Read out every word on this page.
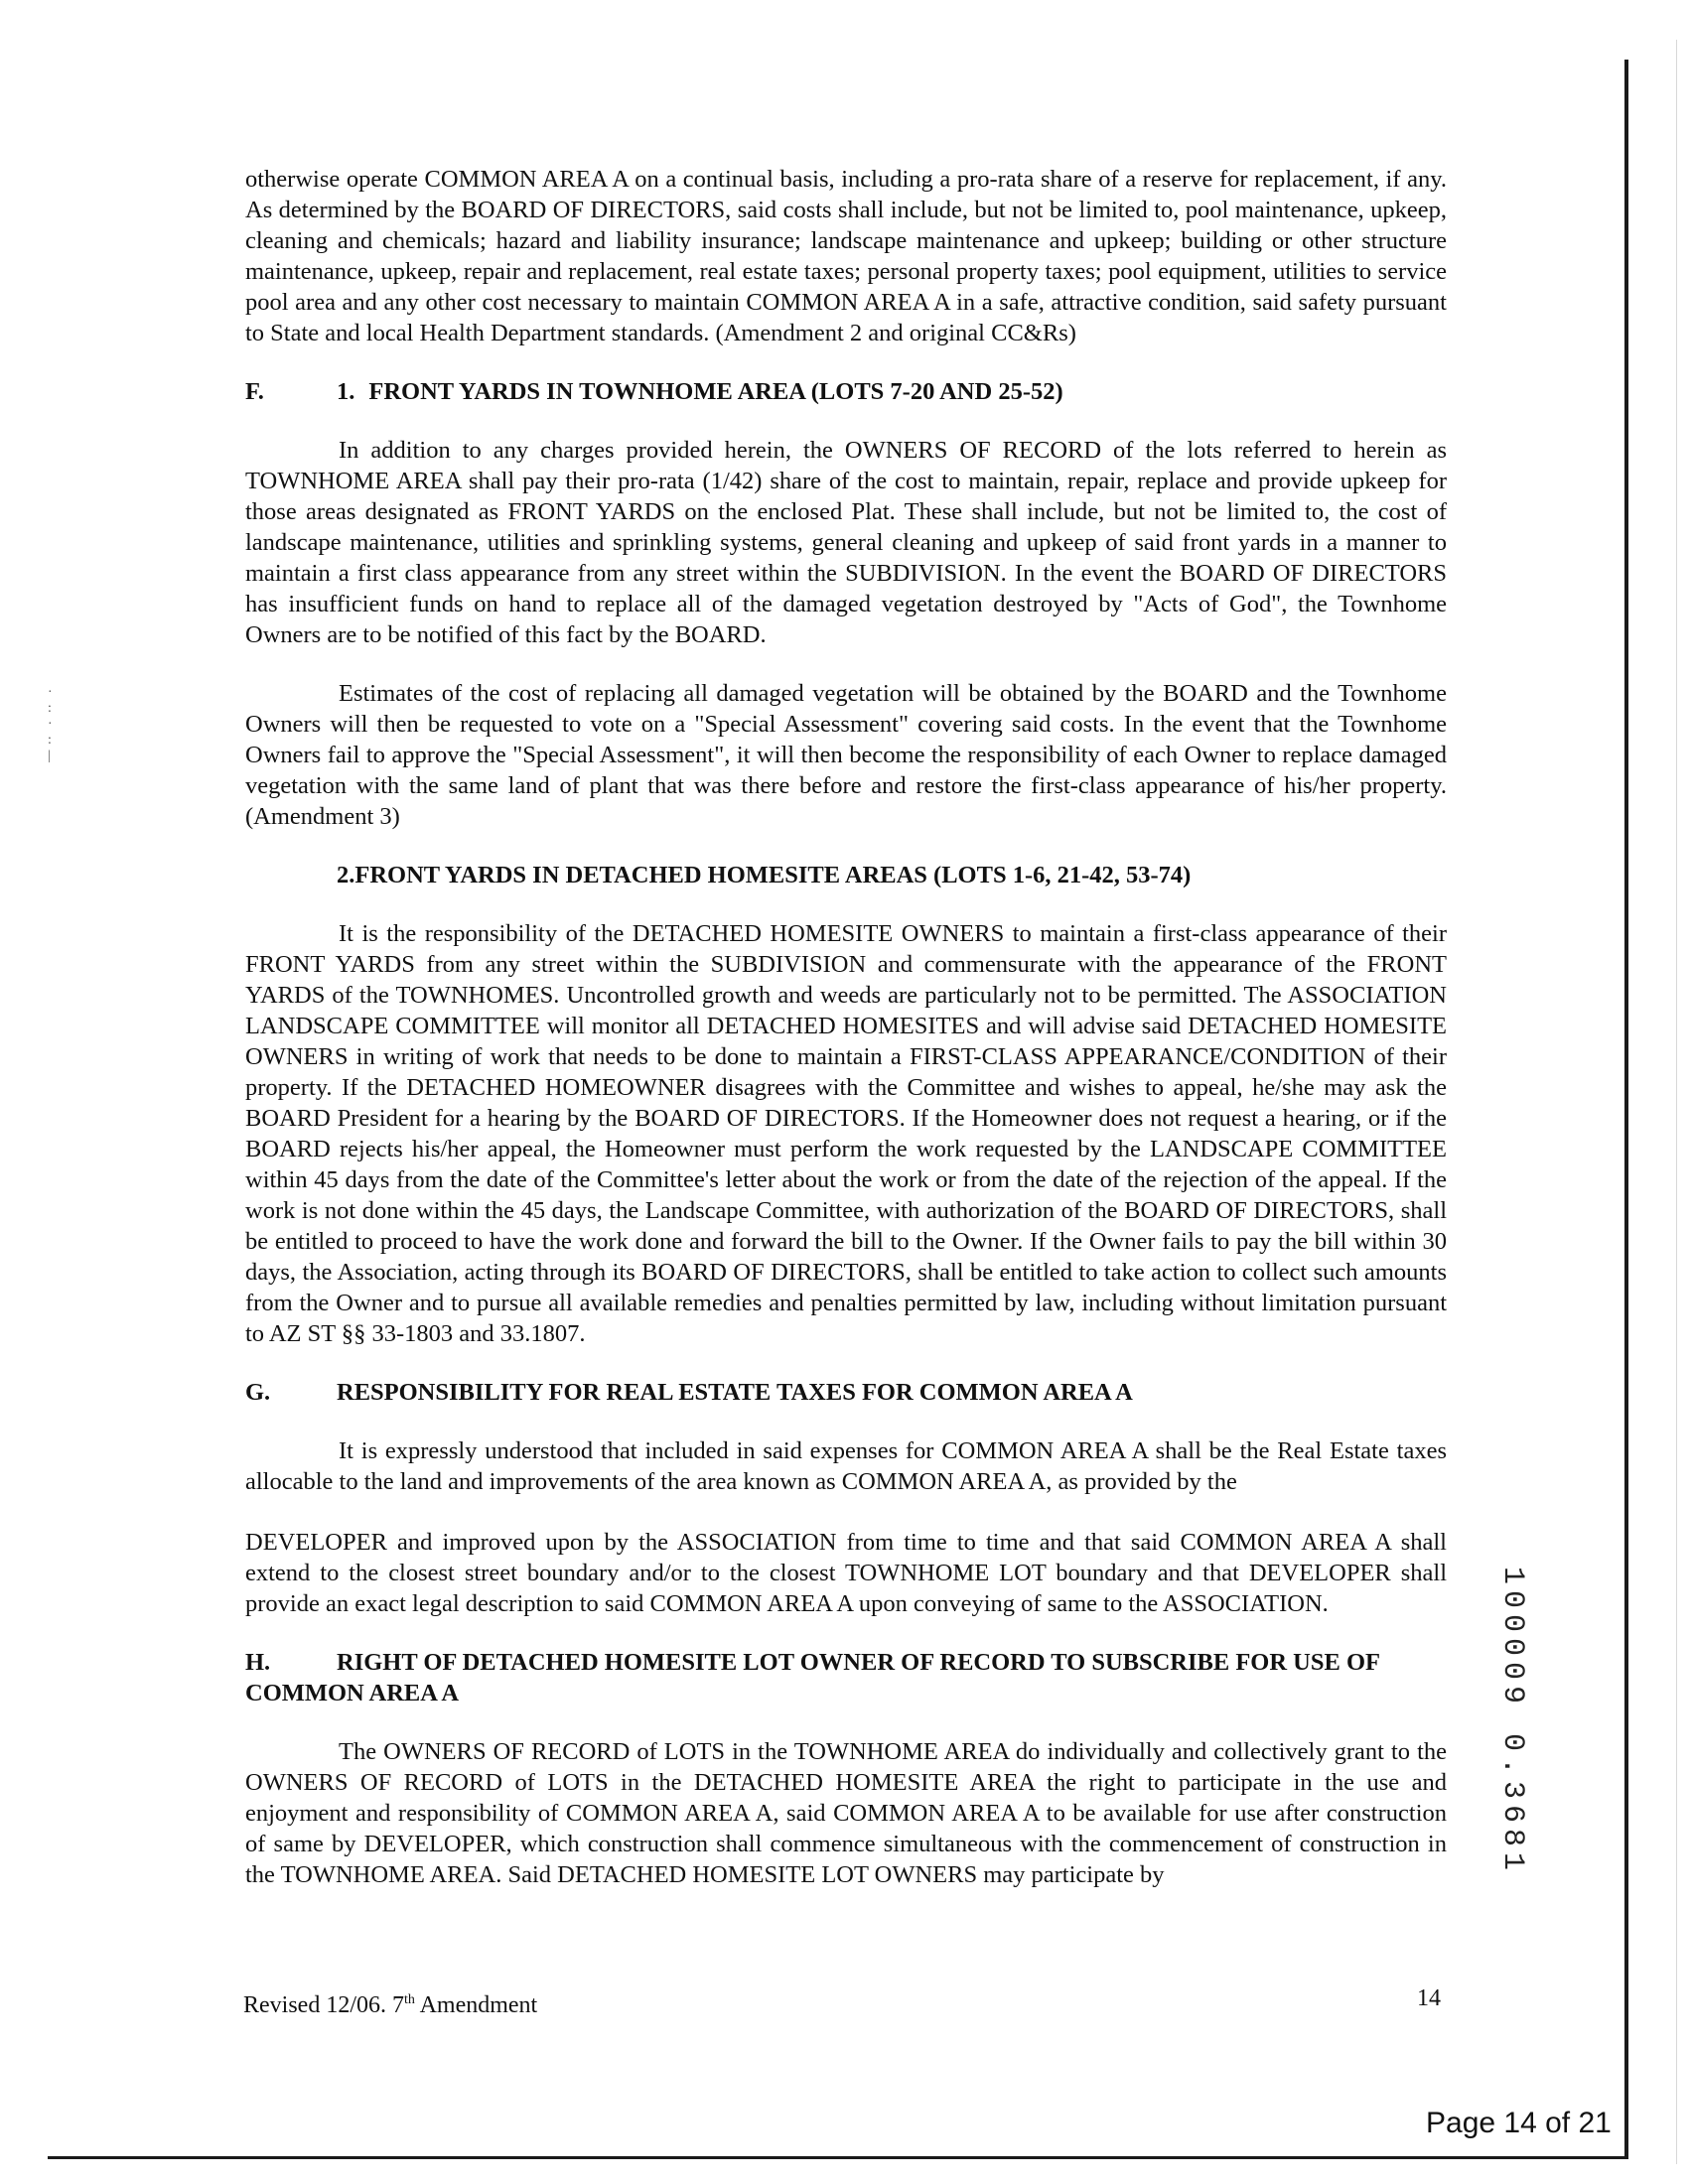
·
:
·
:
|

otherwise operate COMMON AREA A on a continual basis, including a pro-rata share of a reserve for replacement, if any. As determined by the BOARD OF DIRECTORS, said costs shall include, but not be limited to, pool maintenance, upkeep, cleaning and chemicals; hazard and liability insurance; landscape maintenance and upkeep; building or other structure maintenance, upkeep, repair and replacement, real estate taxes; personal property taxes; pool equipment, utilities to service pool area and any other cost necessary to maintain COMMON AREA A in a safe, attractive condition, said safety pursuant to State and local Health Department standards. (Amendment 2 and original CC&Rs)

F.	1. FRONT YARDS IN TOWNHOME AREA (LOTS 7-20 AND 25-52)

In addition to any charges provided herein, the OWNERS OF RECORD of the lots referred to herein as TOWNHOME AREA shall pay their pro-rata (1/42) share of the cost to maintain, repair, replace and provide upkeep for those areas designated as FRONT YARDS on the enclosed Plat. These shall include, but not be limited to, the cost of landscape maintenance, utilities and sprinkling systems, general cleaning and upkeep of said front yards in a manner to maintain a first class appearance from any street within the SUBDIVISION. In the event the BOARD OF DIRECTORS has insufficient funds on hand to replace all of the damaged vegetation destroyed by "Acts of God", the Townhome Owners are to be notified of this fact by the BOARD.

Estimates of the cost of replacing all damaged vegetation will be obtained by the BOARD and the Townhome Owners will then be requested to vote on a "Special Assessment" covering said costs. In the event that the Townhome Owners fail to approve the "Special Assessment", it will then become the responsibility of each Owner to replace damaged vegetation with the same land of plant that was there before and restore the first-class appearance of his/her property. (Amendment 3)

2.FRONT YARDS IN DETACHED HOMESITE AREAS (LOTS 1-6, 21-42, 53-74)

It is the responsibility of the DETACHED HOMESITE OWNERS to maintain a first-class appearance of their FRONT YARDS from any street within the SUBDIVISION and commensurate with the appearance of the FRONT YARDS of the TOWNHOMES. Uncontrolled growth and weeds are particularly not to be permitted. The ASSOCIATION LANDSCAPE COMMITTEE will monitor all DETACHED HOMESITES and will advise said DETACHED HOMESITE OWNERS in writing of work that needs to be done to maintain a FIRST-CLASS APPEARANCE/CONDITION of their property. If the DETACHED HOMEOWNER disagrees with the Committee and wishes to appeal, he/she may ask the BOARD President for a hearing by the BOARD OF DIRECTORS. If the Homeowner does not request a hearing, or if the BOARD rejects his/her appeal, the Homeowner must perform the work requested by the LANDSCAPE COMMITTEE within 45 days from the date of the Committee's letter about the work or from the date of the rejection of the appeal. If the work is not done within the 45 days, the Landscape Committee, with authorization of the BOARD OF DIRECTORS, shall be entitled to proceed to have the work done and forward the bill to the Owner. If the Owner fails to pay the bill within 30 days, the Association, acting through its BOARD OF DIRECTORS, shall be entitled to take action to collect such amounts from the Owner and to pursue all available remedies and penalties permitted by law, including without limitation pursuant to AZ ST §§ 33-1803 and 33.1807.

G.	RESPONSIBILITY FOR REAL ESTATE TAXES FOR COMMON AREA A

It is expressly understood that included in said expenses for COMMON AREA A shall be the Real Estate taxes allocable to the land and improvements of the area known as COMMON AREA A, as provided by the

DEVELOPER and improved upon by the ASSOCIATION from time to time and that said COMMON AREA A shall extend to the closest street boundary and/or to the closest TOWNHOME LOT boundary and that DEVELOPER shall provide an exact legal description to said COMMON AREA A upon conveying of same to the ASSOCIATION.

H.	RIGHT OF DETACHED HOMESITE LOT OWNER OF RECORD TO SUBSCRIBE FOR USE OF COMMON AREA A

The OWNERS OF RECORD of LOTS in the TOWNHOME AREA do individually and collectively grant to the OWNERS OF RECORD of LOTS in the DETACHED HOMESITE AREA the right to participate in the use and enjoyment and responsibility of COMMON AREA A, said COMMON AREA A to be available for use after construction of same by DEVELOPER, which construction shall commence simultaneous with the commencement of construction in the TOWNHOME AREA. Said DETACHED HOMESITE LOT OWNERS may participate by

Revised 12/06. 7th Amendment	14
100009 0.3681
Page 14 of 21
